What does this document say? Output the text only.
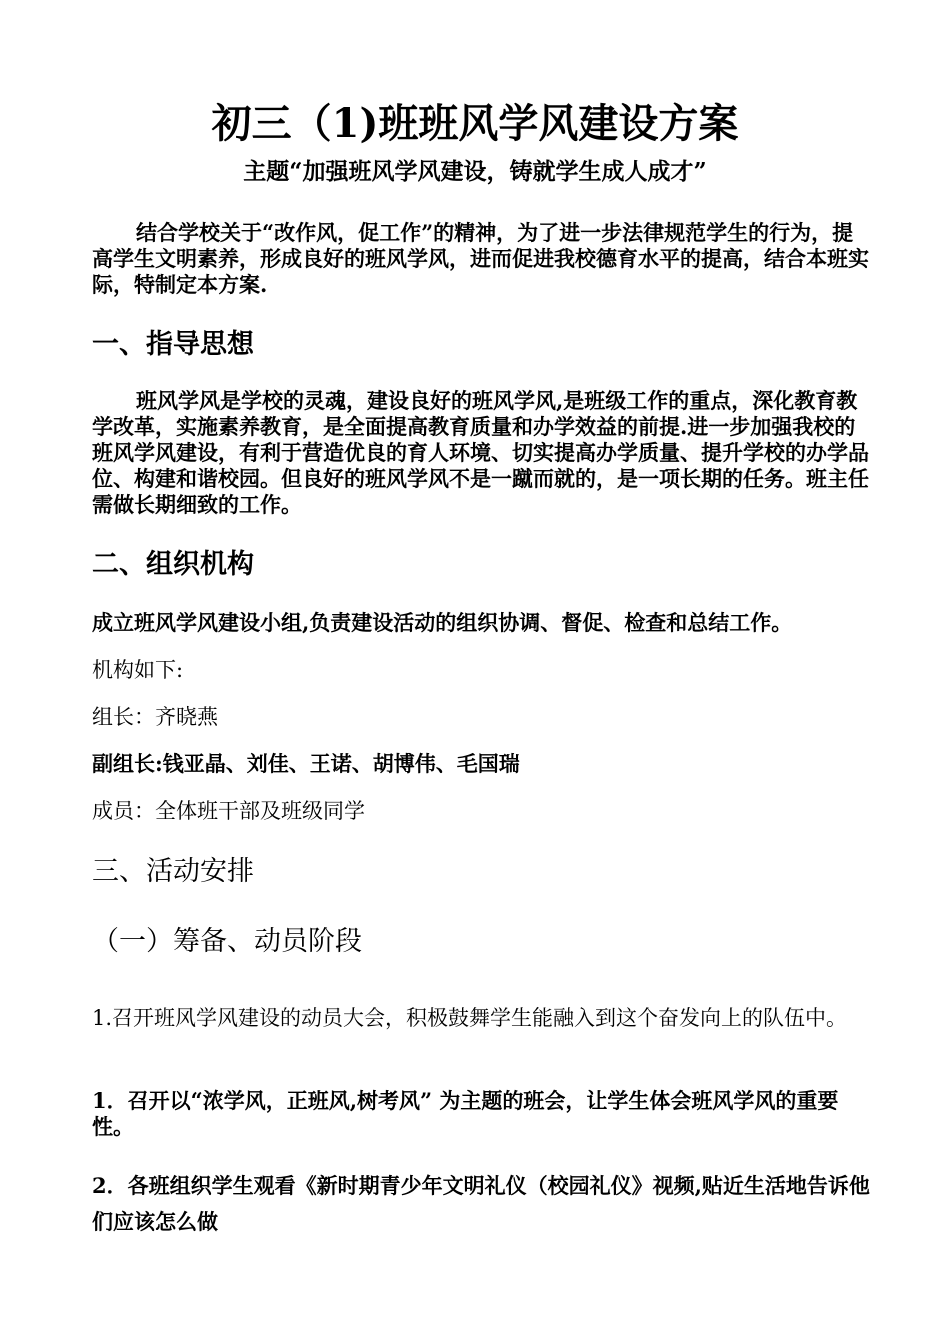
初三（1)班班风学风建设方案
主题“加强班风学风建设，铸就学生成人成才”

结合学校关于“改作风，促工作”的精神，为了进一步法律规范学生的行为，提高学生文明素养，形成良好的班风学风，进而促进我校德育水平的提高，结合本班实际，特制定本方案.

一、指导思想

班风学风是学校的灵魂，建设良好的班风学风,是班级工作的重点，深化教育教学改革，实施素养教育，是全面提高教育质量和办学效益的前提.进一步加强我校的班风学风建设，有利于营造优良的育人环境、切实提高办学质量、提升学校的办学品位、构建和谐校园。但良好的班风学风不是一蹴而就的，是一项长期的任务。班主任需做长期细致的工作。

二、组织机构
成立班风学风建设小组,负责建设活动的组织协调、督促、检查和总结工作。
机构如下:
组长：齐晓燕
副组长:钱亚晶、刘佳、王诺、胡博伟、毛国瑞
成员：全体班干部及班级同学
三、活动安排
（一）筹备、动员阶段

1.召开班风学风建设的动员大会，积极鼓舞学生能融入到这个奋发向上的队伍中。

1．召开以“浓学风，正班风,树考风” 为主题的班会，让学生体会班风学风的重要性。

2．各班组织学生观看《新时期青少年文明礼仪（校园礼仪》视频,贴近生活地告诉他们应该怎么做
